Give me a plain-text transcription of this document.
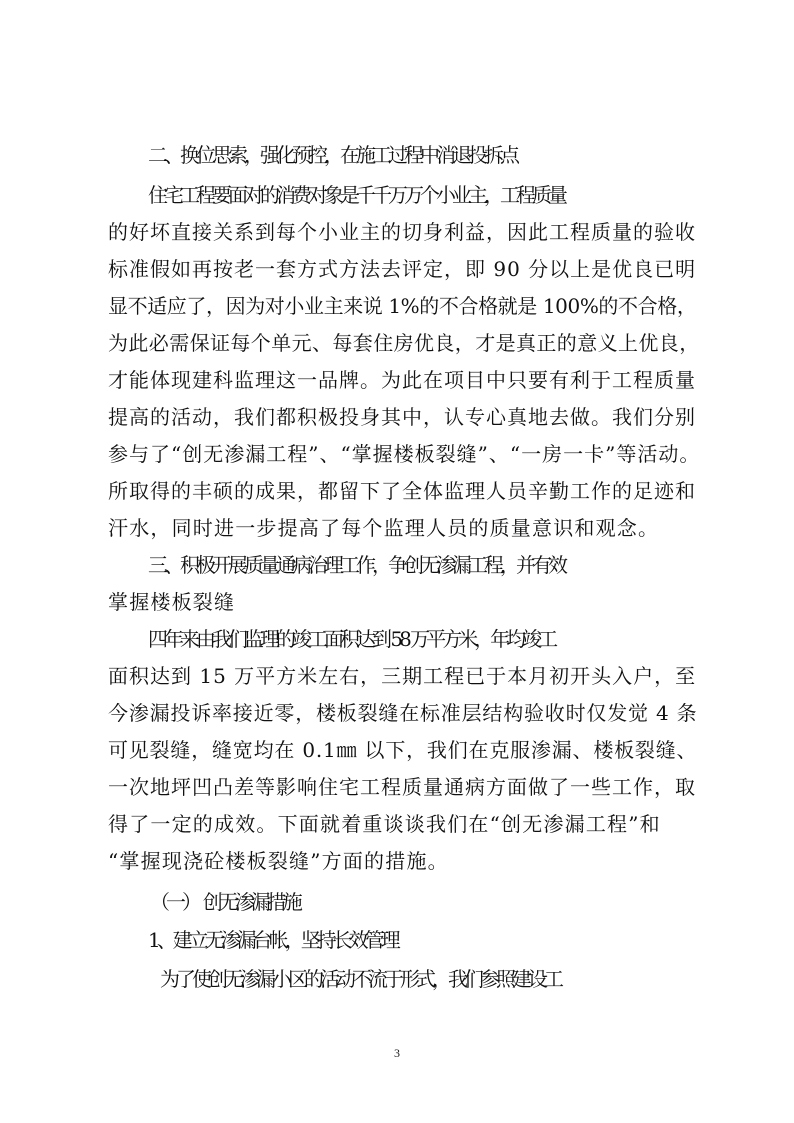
二、换位思索，强化预控，在施工过程中消退投拆点
住宅工程要面对的消费对象是千千万万个小业主，工程质量
的好坏直接关系到每个小业主的切身利益，因此工程质量的验收
标准假如再按老一套方式方法去评定，即 90 分以上是优良已明
显不适应了，因为对小业主来说 1%的不合格就是 100%的不合格，
为此必需保证每个单元、每套住房优良，才是真正的意义上优良，
才能体现建科监理这一品牌。为此在项目中只要有利于工程质量
提高的活动，我们都积极投身其中，认专心真地去做。我们分别
参与了“创无渗漏工程”、“掌握楼板裂缝”、“一房一卡”等活动。
所取得的丰硕的成果，都留下了全体监理人员辛勤工作的足迹和
汗水，同时进一步提高了每个监理人员的质量意识和观念。
三、积极开展质量通病治理工作，争创无渗漏工程，并有效
掌握楼板裂缝
四年来由我们监理的竣工面积达到 58 万平方米，年均竣工
面积达到 15 万平方米左右，三期工程已于本月初开头入户，至
今渗漏投诉率接近零，楼板裂缝在标准层结构验收时仅发觉 4 条
可见裂缝，缝宽均在 0.1㎜ 以下，我们在克服渗漏、楼板裂缝、
一次地坪凹凸差等影响住宅工程质量通病方面做了一些工作，取
得了一定的成效。下面就着重谈谈我们在“创无渗漏工程”和
“掌握现浇砼楼板裂缝”方面的措施。
（一）  创无渗漏措施
1、建立无渗漏台帐，坚持长效管理
为了使创无渗漏小区的活动不流于形式，我们参照建设工
3
